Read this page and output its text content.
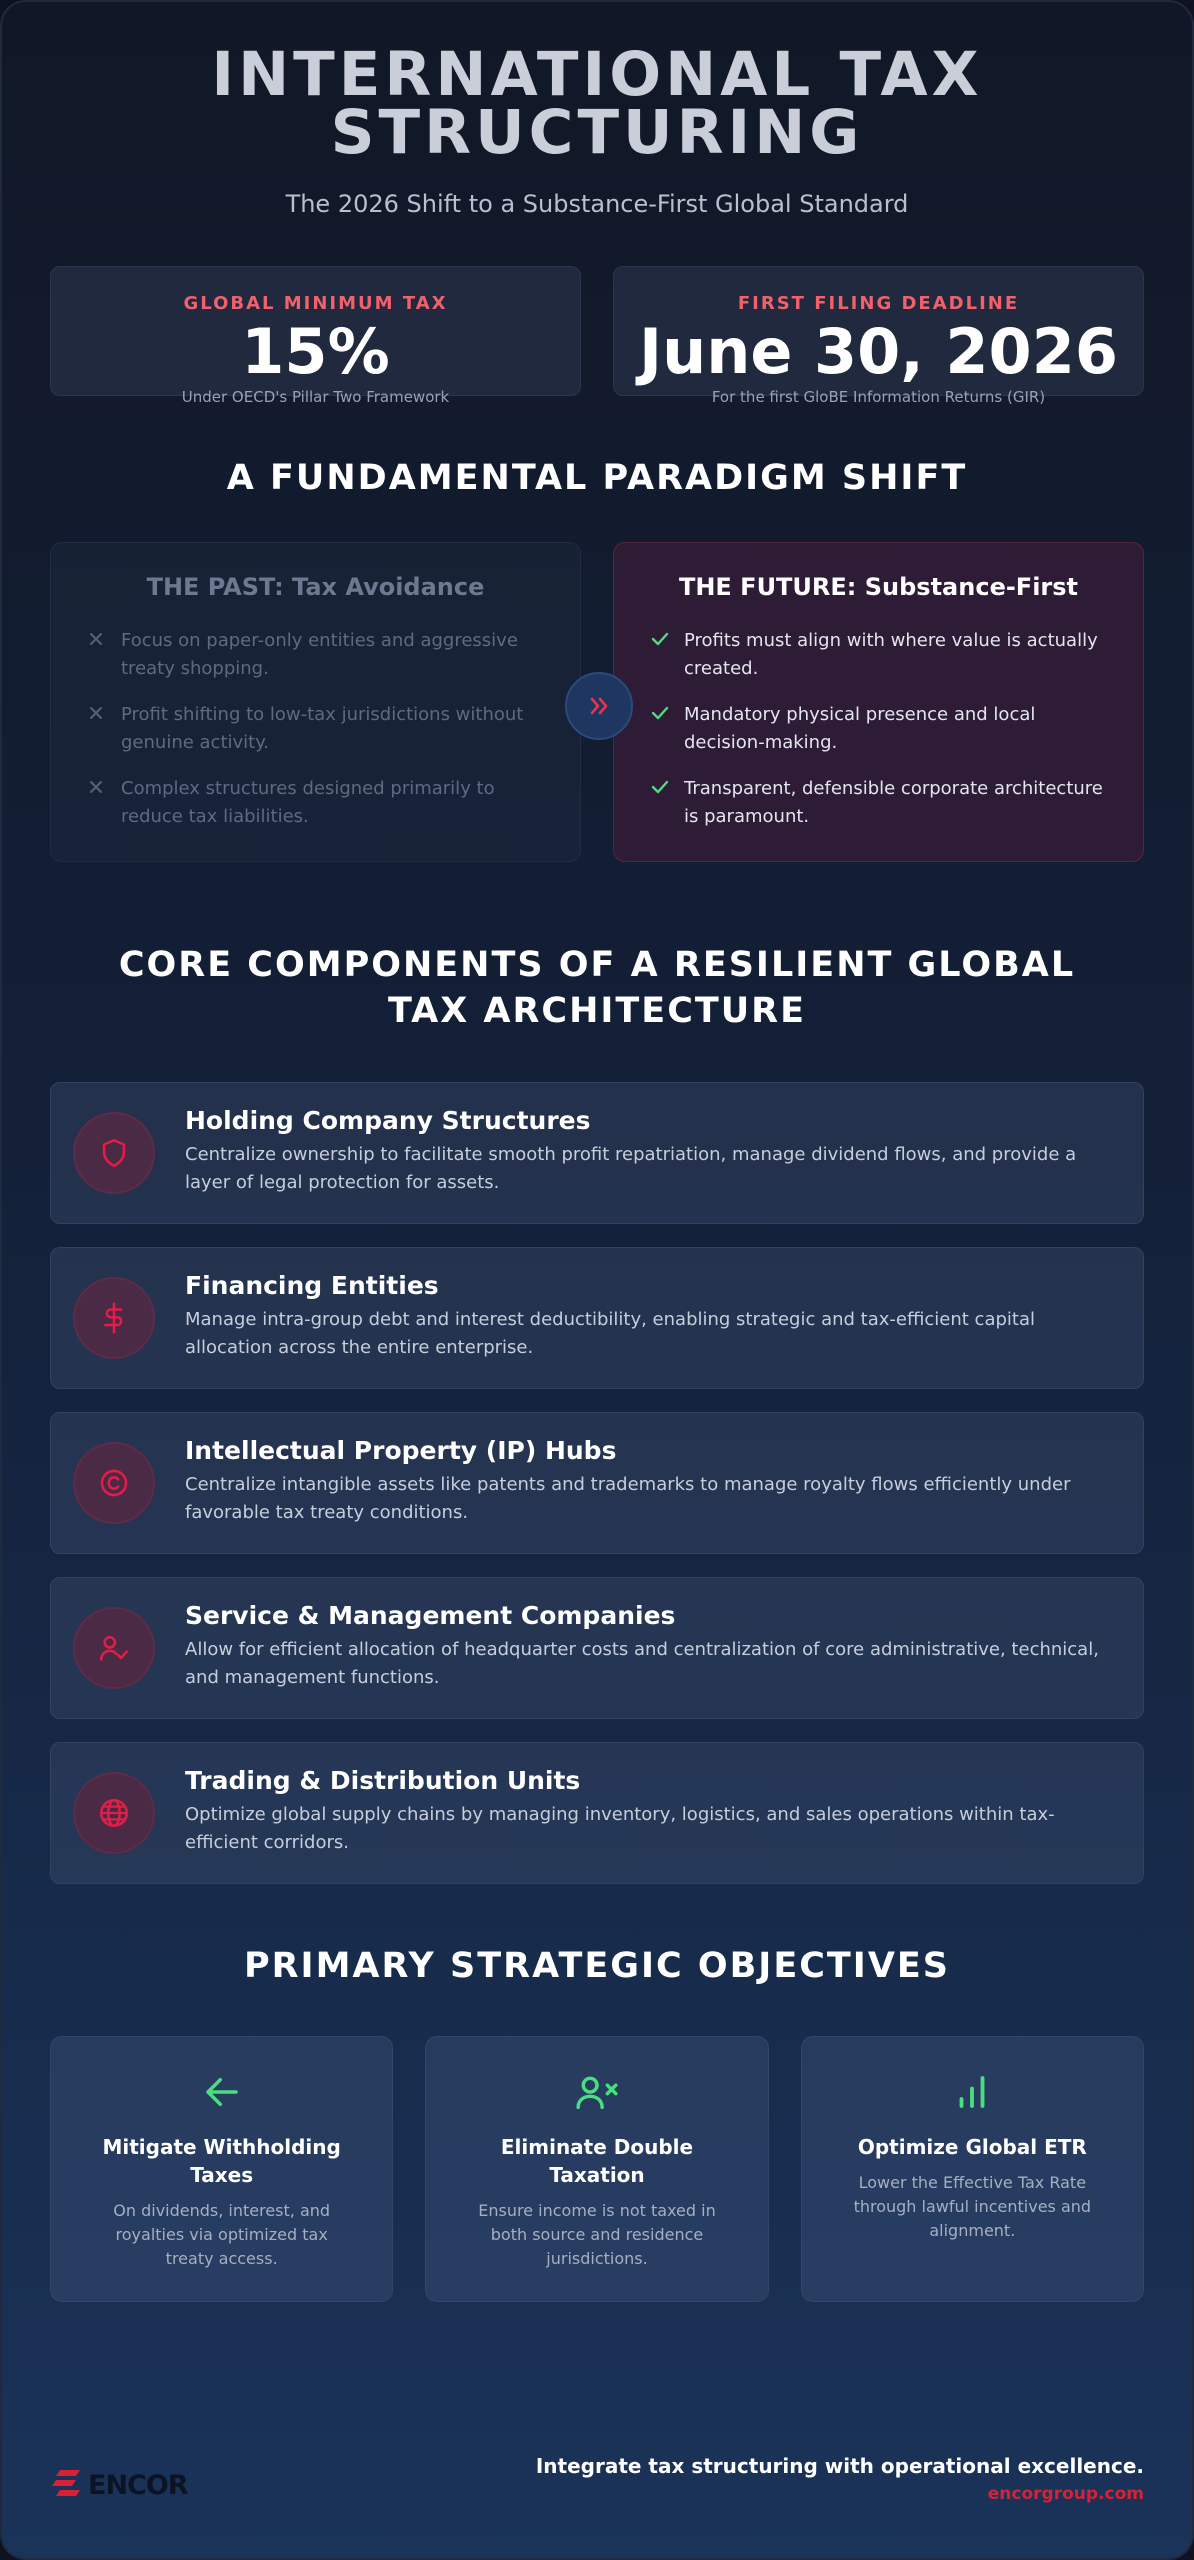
INTERNATIONAL TAX STRUCTURING

The 2026 Shift to a Substance-First Global Standard

GLOBAL MINIMUM TAX
15%
Under OECD's Pillar Two Framework
FIRST FILING DEADLINE
June 30, 2026
For the first GloBE Information Returns (GIR)
A FUNDAMENTAL PARADIGM SHIFT
THE PAST: Tax Avoidance
Focus on paper-only entities and aggressive treaty shopping.
Profit shifting to low-tax jurisdictions without genuine activity.
Complex structures designed primarily to reduce tax liabilities.
THE FUTURE: Substance-First
Profits must align with where value is actually created.
Mandatory physical presence and local decision-making.
Transparent, defensible corporate architecture is paramount.
CORE COMPONENTS OF A RESILIENT GLOBAL TAX ARCHITECTURE
Holding Company Structures
Centralize ownership to facilitate smooth profit repatriation, manage dividend flows, and provide a layer of legal protection for assets.
Financing Entities
Manage intra-group debt and interest deductibility, enabling strategic and tax-efficient capital allocation across the entire enterprise.
Intellectual Property (IP) Hubs
Centralize intangible assets like patents and trademarks to manage royalty flows efficiently under favorable tax treaty conditions.
Service & Management Companies
Allow for efficient allocation of headquarter costs and centralization of core administrative, technical, and management functions.
Trading & Distribution Units
Optimize global supply chains by managing inventory, logistics, and sales operations within tax-efficient corridors.
PRIMARY STRATEGIC OBJECTIVES
Mitigate Withholding Taxes
On dividends, interest, and royalties via optimized tax treaty access.
Eliminate Double Taxation
Ensure income is not taxed in both source and residence jurisdictions.
Optimize Global ETR
Lower the Effective Tax Rate through lawful incentives and alignment.
ENCOR
Integrate tax structuring with operational excellence.
encorgroup.com
